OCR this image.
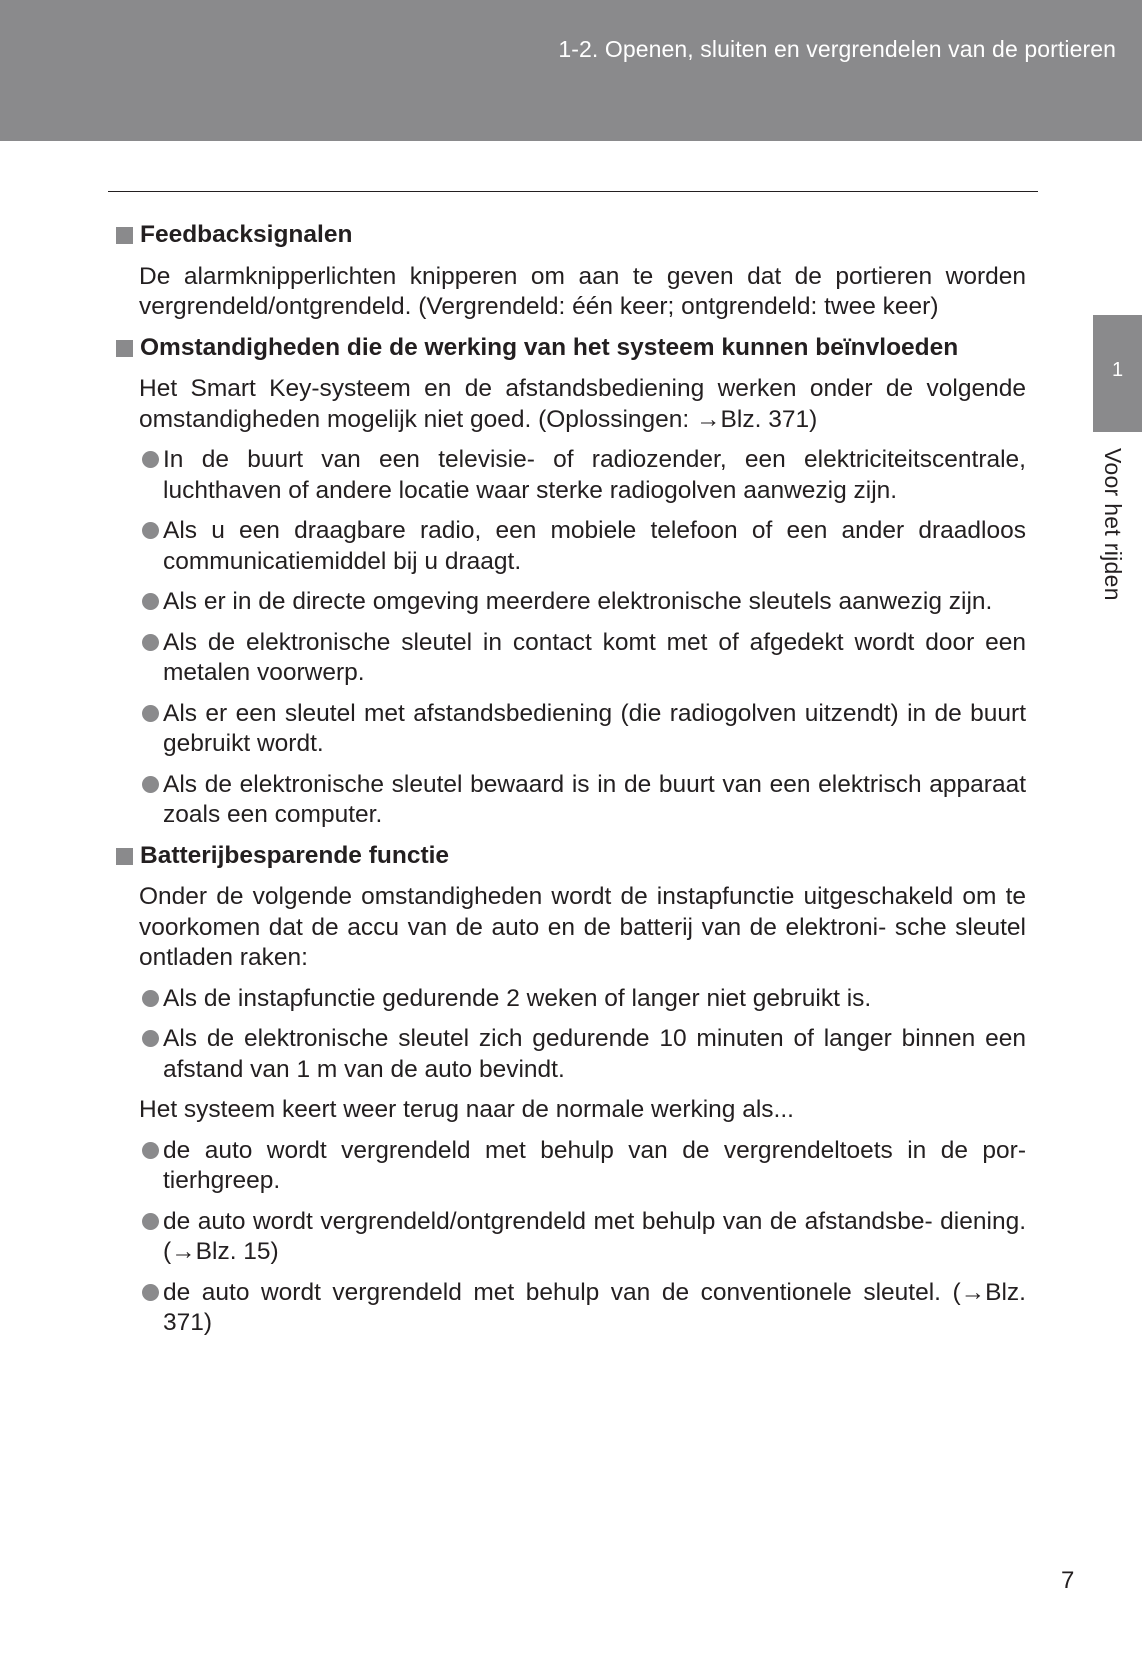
1-2. Openen, sluiten en vergrendelen van de portieren
Feedbacksignalen
De alarmknipperlichten knipperen om aan te geven dat de portieren worden vergrendeld/ontgrendeld. (Vergrendeld: één keer; ontgrendeld: twee keer)
Omstandigheden die de werking van het systeem kunnen beïnvloeden
Het Smart Key-systeem en de afstandsbediening werken onder de volgende omstandigheden mogelijk niet goed. (Oplossingen: →Blz. 371)
In de buurt van een televisie- of radiozender, een elektriciteitscentrale, luchthaven of andere locatie waar sterke radiogolven aanwezig zijn.
Als u een draagbare radio, een mobiele telefoon of een ander draadloos communicatiemiddel bij u draagt.
Als er in de directe omgeving meerdere elektronische sleutels aanwezig zijn.
Als de elektronische sleutel in contact komt met of afgedekt wordt door een metalen voorwerp.
Als er een sleutel met afstandsbediening (die radiogolven uitzendt) in de buurt gebruikt wordt.
Als de elektronische sleutel bewaard is in de buurt van een elektrisch apparaat zoals een computer.
Batterijbesparende functie
Onder de volgende omstandigheden wordt de instapfunctie uitgeschakeld om te voorkomen dat de accu van de auto en de batterij van de elektroni- sche sleutel ontladen raken:
Als de instapfunctie gedurende 2 weken of langer niet gebruikt is.
Als de elektronische sleutel zich gedurende 10 minuten of langer binnen een afstand van 1 m van de auto bevindt.
Het systeem keert weer terug naar de normale werking als...
de auto wordt vergrendeld met behulp van de vergrendeltoets in de por- tierhgreep.
de auto wordt vergrendeld/ontgrendeld met behulp van de afstandsbe- diening. (→Blz. 15)
de auto wordt vergrendeld met behulp van de conventionele sleutel. (→Blz. 371)
1
Voor het rijden
7
